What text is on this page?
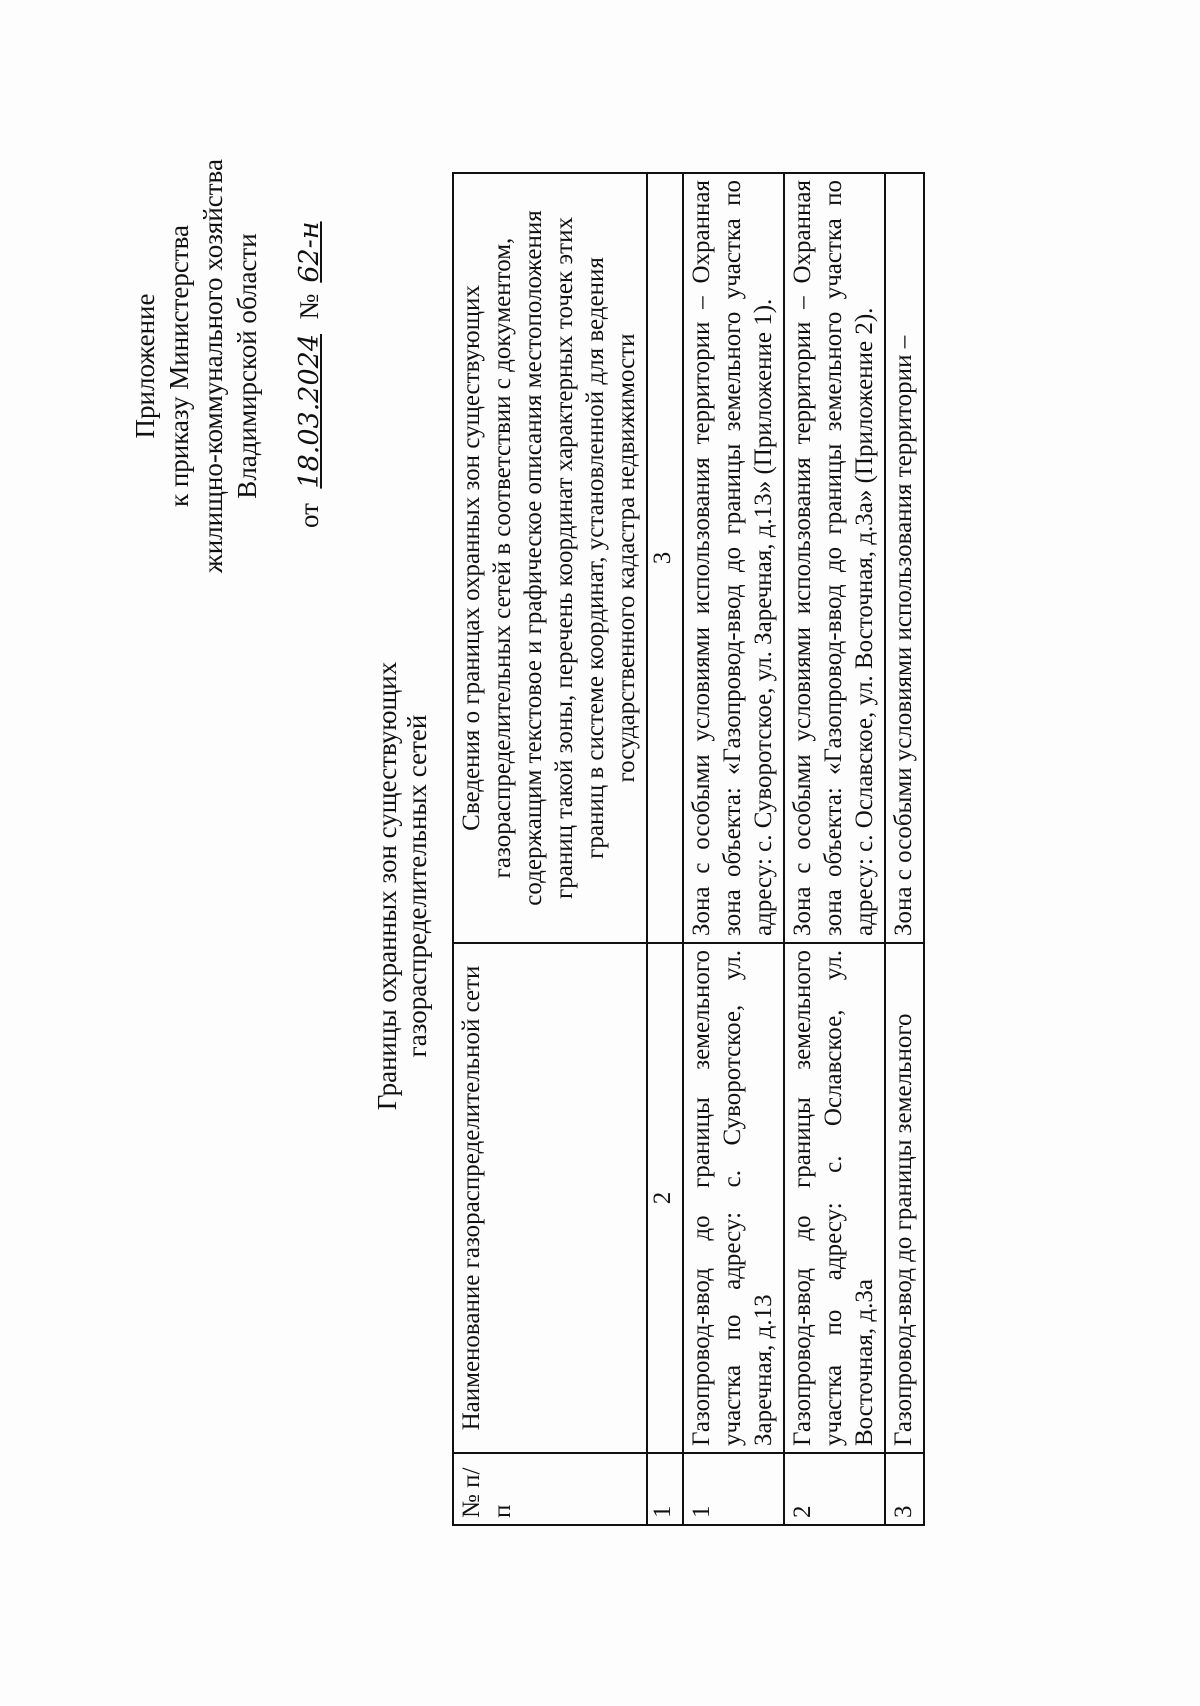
Приложение к приказу Министерства жилищно-коммунального хозяйства Владимирской области
от 18.03.2024 № 62-н
Границы охранных зон существующих газораспределительных сетей
№ п/п	Наименование газораспределительной сети	Сведения о границах охранных зон существующих газораспределительных сетей в соответствии с документом, содержащим текстовое и графическое описания местоположения границ такой зоны, перечень координат характерных точек этих границ в системе координат, установленной для ведения государственного кадастра недвижимости
1	2	3
1	Газопровод-ввод до границы земельного участка по адресу: с. Суворотское, ул. Заречная, д.13	Зона с особыми условиями использования территории – Охранная зона объекта: «Газопровод-ввод до границы земельного участка по адресу: с. Суворотское, ул. Заречная, д.13» (Приложение 1).
2	Газопровод-ввод до границы земельного участка по адресу: с. Ославское, ул. Восточная, д.3а	Зона с особыми условиями использования территории – Охранная зона объекта: «Газопровод-ввод до границы земельного участка по адресу: с. Ославское, ул. Восточная, д.3а» (Приложение 2).
3	Газопровод-ввод до границы земельного	Зона с особыми условиями использования территории –
